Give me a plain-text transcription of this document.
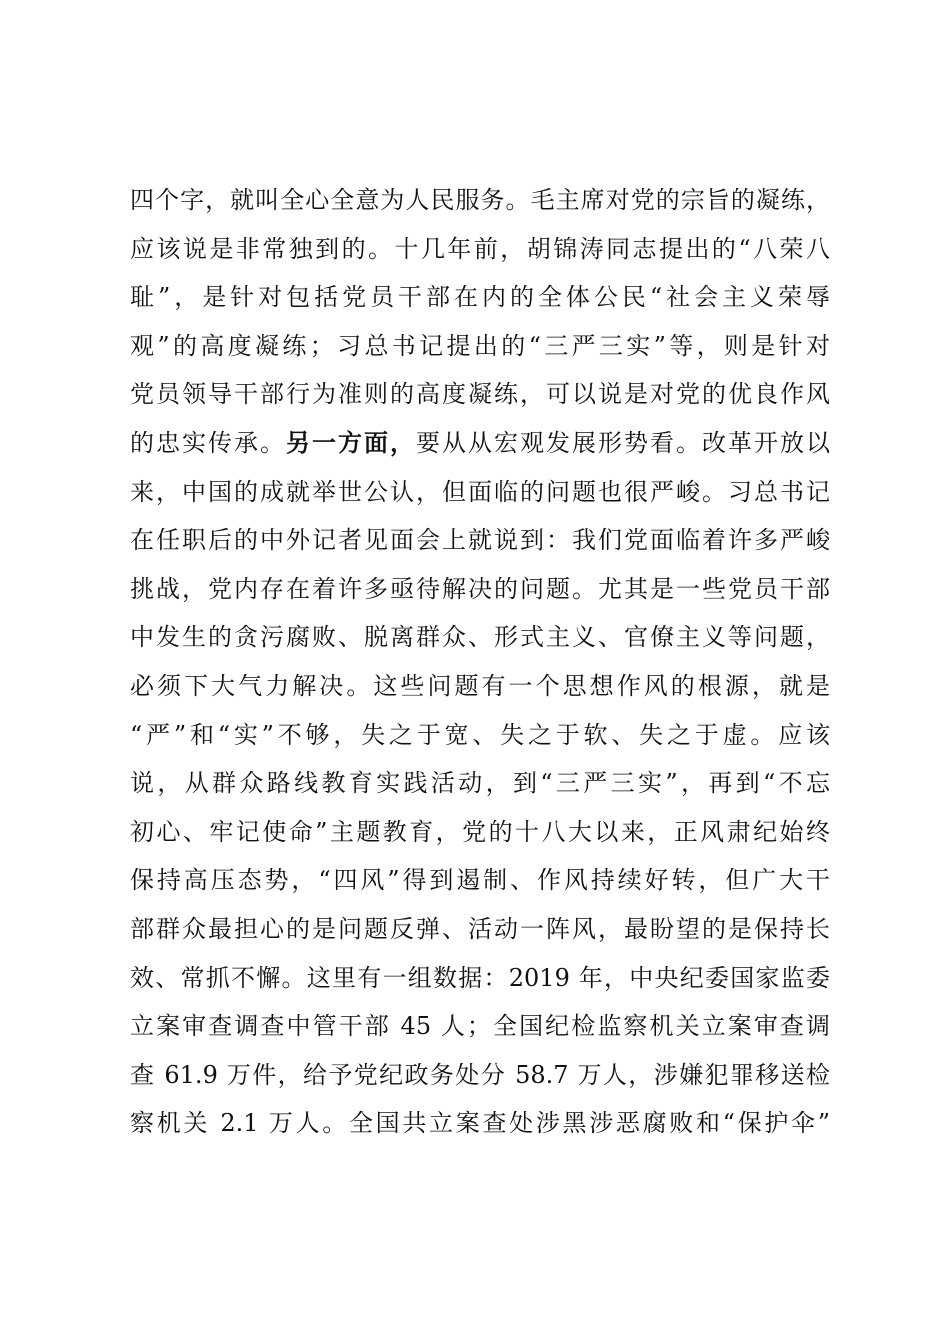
四个字，就叫全心全意为人民服务。毛主席对党的宗旨的凝练，
应该说是非常独到的。十几年前，胡锦涛同志提出的“八荣八
耻”，是针对包括党员干部在内的全体公民“社会主义荣辱
观”的高度凝练；习总书记提出的“三严三实”等，则是针对
党员领导干部行为准则的高度凝练，可以说是对党的优良作风
的忠实传承。另一方面，要从从宏观发展形势看。改革开放以
来，中国的成就举世公认，但面临的问题也很严峻。习总书记
在任职后的中外记者见面会上就说到：我们党面临着许多严峻
挑战，党内存在着许多亟待解决的问题。尤其是一些党员干部
中发生的贪污腐败、脱离群众、形式主义、官僚主义等问题，
必须下大气力解决。这些问题有一个思想作风的根源，就是
“严”和“实”不够，失之于宽、失之于软、失之于虚。应该
说，从群众路线教育实践活动，到“三严三实”，再到“不忘
初心、牢记使命”主题教育，党的十八大以来，正风肃纪始终
保持高压态势，“四风”得到遏制、作风持续好转，但广大干
部群众最担心的是问题反弹、活动一阵风，最盼望的是保持长
效、常抓不懈。这里有一组数据：2019 年，中央纪委国家监委
立案审查调查中管干部 45 人；全国纪检监察机关立案审查调
查 61.9 万件，给予党纪政务处分 58.7 万人，涉嫌犯罪移送检
察机关 2.1 万人。全国共立案查处涉黑涉恶腐败和“保护伞”
